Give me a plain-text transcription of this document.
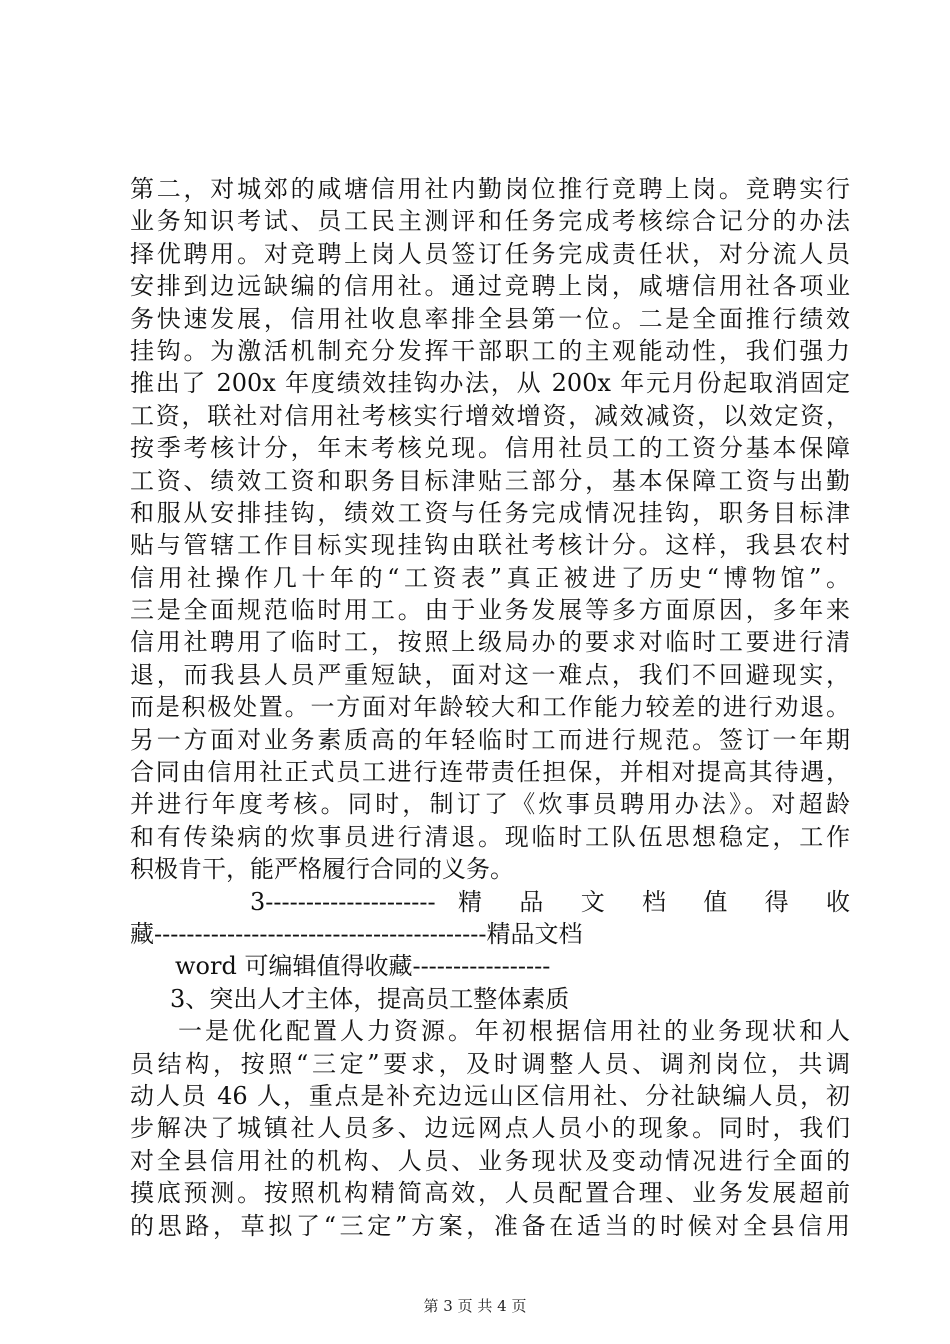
第二，对城郊的咸塘信用社内勤岗位推行竞聘上岗。竞聘实行
业务知识考试、员工民主测评和任务完成考核综合记分的办法
择优聘用。对竞聘上岗人员签订任务完成责任状，对分流人员
安排到边远缺编的信用社。通过竞聘上岗，咸塘信用社各项业
务快速发展，信用社收息率排全县第一位。二是全面推行绩效
挂钩。为激活机制充分发挥干部职工的主观能动性，我们强力
推出了 200x 年度绩效挂钩办法，从 200x 年元月份起取消固定
工资，联社对信用社考核实行增效增资，减效减资，以效定资，
按季考核计分，年末考核兑现。信用社员工的工资分基本保障
工资、绩效工资和职务目标津贴三部分，基本保障工资与出勤
和服从安排挂钩，绩效工资与任务完成情况挂钩，职务目标津
贴与管辖工作目标实现挂钩由联社考核计分。这样，我县农村
信用社操作几十年的“工资表”真正被进了历史“博物馆”。
三是全面规范临时用工。由于业务发展等多方面原因，多年来
信用社聘用了临时工，按照上级局办的要求对临时工要进行清
退，而我县人员严重短缺，面对这一难点，我们不回避现实，
而是积极处置。一方面对年龄较大和工作能力较差的进行劝退。
另一方面对业务素质高的年轻临时工而进行规范。签订一年期
合同由信用社正式员工进行连带责任担保，并相对提高其待遇，
并进行年度考核。同时，制订了《炊事员聘用办法》。对超龄
和有传染病的炊事员进行清退。现临时工队伍思想稳定，工作
积极肯干，能严格履行合同的义务。
3--------------------- 精 品 文 档 值 得 收
藏-----------------------------------------精品文档
word 可编辑值得收藏-----------------
3、突出人才主体，提高员工整体素质
一是优化配置人力资源。年初根据信用社的业务现状和人
员结构，按照“三定”要求，及时调整人员、调剂岗位，共调
动人员 46 人，重点是补充边远山区信用社、分社缺编人员，初
步解决了城镇社人员多、边远网点人员小的现象。同时，我们
对全县信用社的机构、人员、业务现状及变动情况进行全面的
摸底预测。按照机构精简高效，人员配置合理、业务发展超前
的思路，草拟了“三定”方案，准备在适当的时候对全县信用
第 3 页 共 4 页
